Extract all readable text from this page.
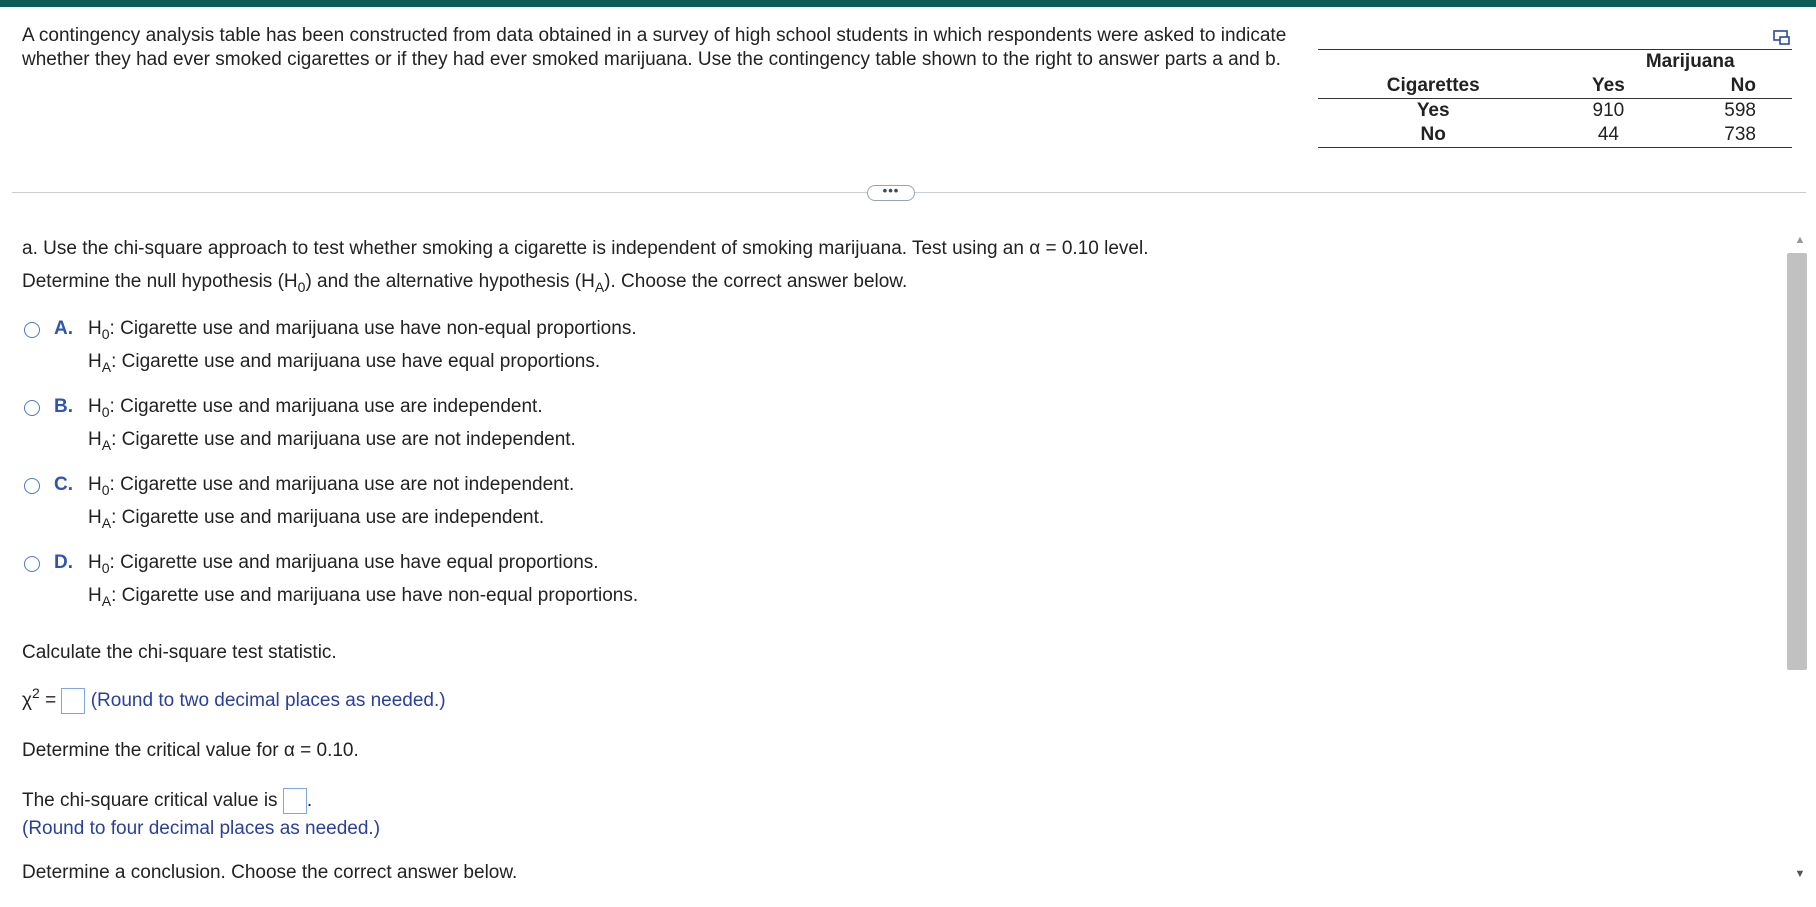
A contingency analysis table has been constructed from data obtained in a survey of high school students in which respondents were asked to indicate whether they had ever smoked cigarettes or if they had ever smoked marijuana. Use the contingency table shown to the right to answer parts a and b.
		Marijuana	
Cigarettes	Yes	No
Yes	910	598
No	44	738
•••
a. Use the chi-square approach to test whether smoking a cigarette is independent of smoking marijuana. Test using an α = 0.10 level.
Determine the null hypothesis $(H_0)$ and the alternative hypothesis $(H_A)$. Choose the correct answer below.
A. $H_0$: Cigarette use and marijuana use have non-equal proportions.
$H_A$: Cigarette use and marijuana use have equal proportions.
B. $H_0$: Cigarette use and marijuana use are independent.
$H_A$: Cigarette use and marijuana use are not independent.
C. $H_0$: Cigarette use and marijuana use are not independent.
$H_A$: Cigarette use and marijuana use are independent.
D. $H_0$: Cigarette use and marijuana use have equal proportions.
$H_A$: Cigarette use and marijuana use have non-equal proportions.
Calculate the chi-square test statistic.
$\chi^2$ = (Round to two decimal places as needed.)
Determine the critical value for α = 0.10.
The chi-square critical value is .
(Round to four decimal places as needed.)
Determine a conclusion. Choose the correct answer below.
▲
▼
